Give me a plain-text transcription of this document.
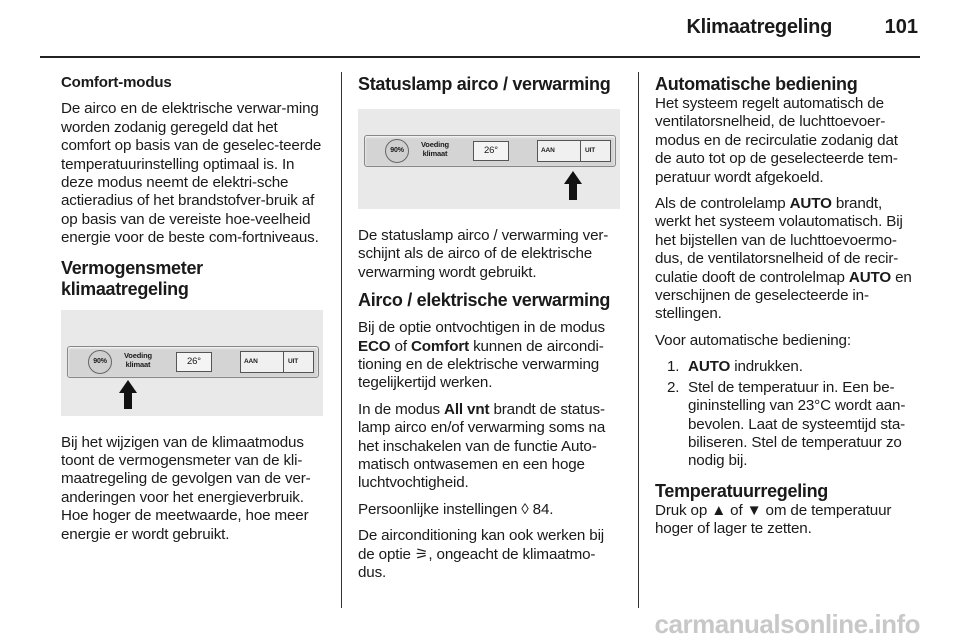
Klimaatregeling	101

Comfort-modus

De airco en de elektrische verwar-ming worden zodanig geregeld dat het comfort op basis van de geselec-teerde temperatuurinstelling optimaal is. In deze modus neemt de elektri-sche actieradius of het brandstofver-bruik af op basis van de vereiste hoe-veelheid energie voor de beste com-fortniveaus.

Vermogensmeter klimaatregeling

90%
Voeding klimaat	26°	AAN	UIT

Bij het wijzigen van de klimaatmodus toont de vermogensmeter van de kli-maatregeling de gevolgen van de ver-anderingen voor het energieverbruik. Hoe hoger de meetwaarde, hoe meer energie er wordt gebruikt.

Statuslamp airco / verwarming

90%
Voeding klimaat	26°	AAN	UIT

De statuslamp airco / verwarming ver-schijnt als de airco of de elektrische verwarming wordt gebruikt.

Airco / elektrische verwarming

Bij de optie ontvochtigen in de modus ECO of Comfort kunnen de aircondi-tioning en de elektrische verwarming tegelijkertijd werken.

In de modus All vnt brandt de status-lamp airco en/of verwarming soms na het inschakelen van de functie Auto-matisch ontwasemen en een hoge luchtvochtigheid.

Persoonlijke instellingen ◊ 84.

De airconditioning kan ook werken bij de optie ⚞, ongeacht de klimaatmo-dus.

Automatische bediening

Het systeem regelt automatisch de ventilatorsnelheid, de luchttoevoer-modus en de recirculatie zodanig dat de auto tot op de geselecteerde tem-peratuur wordt afgekoeld.

Als de controlelamp AUTO brandt, werkt het systeem volautomatisch. Bij het bijstellen van de luchttoevoermo-dus, de ventilatorsnelheid of de recir-culatie dooft de controlelmap AUTO en verschijnen de geselecteerde in-stellingen.

Voor automatische bediening:

1. AUTO indrukken.
2. Stel de temperatuur in. Een be-gininstelling van 23°C wordt aan-bevolen. Laat de systeemtijd sta-biliseren. Stel de temperatuur zo nodig bij.

Temperatuurregeling

Druk op ▲ of ▼ om de temperatuur hoger of lager te zetten.

carmanualsonline.info
